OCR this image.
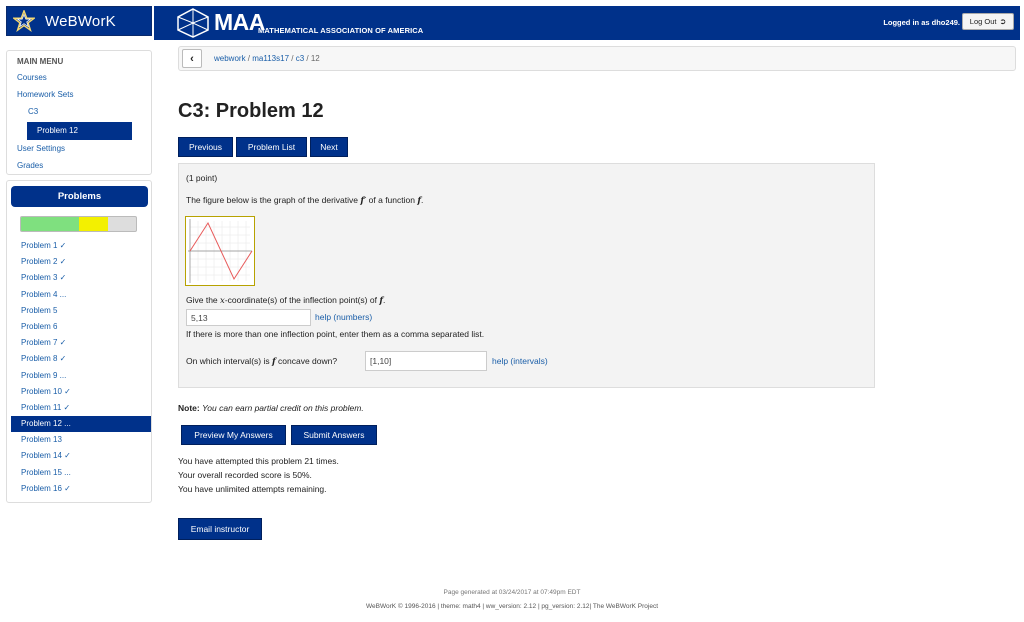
WeBWorK	MAA
MATHEMATICAL ASSOCIATION OF AMERICA
Logged in as dho249. Log Out ➲
MAIN MENU
Courses
Homework Sets
C3
Problem 12
User Settings
Grades
Problems
Problem 1 ✓
Problem 2 ✓
Problem 3 ✓
Problem 4 ...
Problem 5
Problem 6
Problem 7 ✓
Problem 8 ✓
Problem 9 ...
Problem 10 ✓
Problem 11 ✓
Problem 12 ...
Problem 13
Problem 14 ✓
Problem 15 ...
Problem 16 ✓
‹	webwork / ma113s17 / c3 / 12
C3: Problem 12
Previous	Problem List	Next
(1 point)
The figure below is the graph of the derivative f′ of a function f.
Give the x-coordinate(s) of the inflection point(s) of f.
5,13	help (numbers)
If there is more than one inflection point, enter them as a comma separated list.
On which interval(s) is f concave down?	[1,10]	help (intervals)
Note: You can earn partial credit on this problem.
Preview My Answers	Submit Answers
You have attempted this problem 21 times.
Your overall recorded score is 50%.
You have unlimited attempts remaining.
Email instructor
Page generated at 03/24/2017 at 07:49pm EDT
WeBWorK © 1996-2016 | theme: math4 | ww_version: 2.12 | pg_version: 2.12| The WeBWorK Project
